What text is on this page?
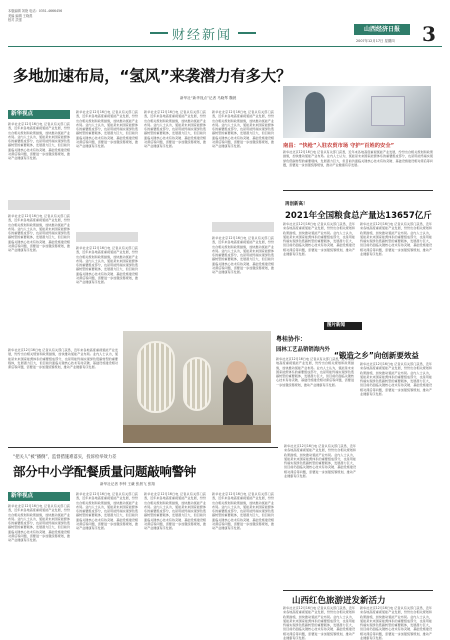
本版编辑 刘艳 电话：0351-4666456
美编 编辑 王晓燕
校对 武强
财经新闻	山西经济日报
2007年12月17日 星期四 3
多地加速布局，“氢风”来袭潜力有多大？
新华社“新华视点”记者 马晓琴 魏晨
新华视点
新华社北京12月16日电 记者从有关部门获悉，近年来各地高度重视氢能产业发展，纷纷出台相关规划和政策措施，加快推动氢能产业布局。业内人士认为，氢能是未来国家能源体系的重要组成部分，也是用能终端实现绿色低碳转型的重要载体，发展潜力巨大，但目前仍面临关键核心技术有待突破、基础设施建设相对滞后等问题，需要进一步加强统筹规划，推动产业健康有序发展。
新华社北京12月16日电 记者从有关部门获悉，近年来各地高度重视氢能产业发展，纷纷出台相关规划和政策措施，加快推动氢能产业布局。业内人士认为，氢能是未来国家能源体系的重要组成部分，也是用能终端实现绿色低碳转型的重要载体，发展潜力巨大，但目前仍面临关键核心技术有待突破、基础设施建设相对滞后等问题，需要进一步加强统筹规划，推动产业健康有序发展。
新华社北京12月16日电 记者从有关部门获悉，近年来各地高度重视氢能产业发展，纷纷出台相关规划和政策措施，加快推动氢能产业布局。业内人士认为，氢能是未来国家能源体系的重要组成部分，也是用能终端实现绿色低碳转型的重要载体，发展潜力巨大，但目前仍面临关键核心技术有待突破、基础设施建设相对滞后等问题，需要进一步加强统筹规划，推动产业健康有序发展。
新华社北京12月16日电 记者从有关部门获悉，近年来各地高度重视氢能产业发展，纷纷出台相关规划和政策措施，加快推动氢能产业布局。业内人士认为，氢能是未来国家能源体系的重要组成部分，也是用能终端实现绿色低碳转型的重要载体，发展潜力巨大，但目前仍面临关键核心技术有待突破、基础设施建设相对滞后等问题，需要进一步加强统筹规划，推动产业健康有序发展。
新华社北京12月16日电 记者从有关部门获悉，近年来各地高度重视氢能产业发展，纷纷出台相关规划和政策措施，加快推动氢能产业布局。业内人士认为，氢能是未来国家能源体系的重要组成部分，也是用能终端实现绿色低碳转型的重要载体，发展潜力巨大，但目前仍面临关键核心技术有待突破、基础设施建设相对滞后等问题，需要进一步加强统筹规划，推动产业健康有序发展。
新华社北京12月16日电 记者从有关部门获悉，近年来各地高度重视氢能产业发展，纷纷出台相关规划和政策措施，加快推动氢能产业布局。业内人士认为，氢能是未来国家能源体系的重要组成部分，也是用能终端实现绿色低碳转型的重要载体，发展潜力巨大，但目前仍面临关键核心技术有待突破、基础设施建设相对滞后等问题，需要进一步加强统筹规划，推动产业健康有序发展。
新华社北京12月16日电 记者从有关部门获悉，近年来各地高度重视氢能产业发展，纷纷出台相关规划和政策措施，加快推动氢能产业布局。业内人士认为，氢能是未来国家能源体系的重要组成部分，也是用能终端实现绿色低碳转型的重要载体，发展潜力巨大，但目前仍面临关键核心技术有待突破、基础设施建设相对滞后等问题，需要进一步加强统筹规划，推动产业健康有序发展。
南昌：“快枪”入驻农贸市场 守护“百姓的安全”
新华社北京12月16日电 记者从有关部门获悉，近年来各地高度重视氢能产业发展，纷纷出台相关规划和政策措施，加快推动氢能产业布局。业内人士认为，氢能是未来国家能源体系的重要组成部分，也是用能终端实现绿色低碳转型的重要载体，发展潜力巨大，但目前仍面临关键核心技术有待突破、基础设施建设相对滞后等问题，需要进一步加强统筹规划，推动产业健康有序发展。
再创新高！
2021年全国粮食总产量达13657亿斤
新华社北京12月16日电 记者从有关部门获悉，近年来各地高度重视氢能产业发展，纷纷出台相关规划和政策措施，加快推动氢能产业布局。业内人士认为，氢能是未来国家能源体系的重要组成部分，也是用能终端实现绿色低碳转型的重要载体，发展潜力巨大，但目前仍面临关键核心技术有待突破、基础设施建设相对滞后等问题，需要进一步加强统筹规划，推动产业健康有序发展。
新华社北京12月16日电 记者从有关部门获悉，近年来各地高度重视氢能产业发展，纷纷出台相关规划和政策措施，加快推动氢能产业布局。业内人士认为，氢能是未来国家能源体系的重要组成部分，也是用能终端实现绿色低碳转型的重要载体，发展潜力巨大，但目前仍面临关键核心技术有待突破、基础设施建设相对滞后等问题，需要进一步加强统筹规划，推动产业健康有序发展。
图片新闻
粤桂协作：
园林工艺品销销海内外
新华社北京12月16日电 记者从有关部门获悉，近年来各地高度重视氢能产业发展，纷纷出台相关规划和政策措施，加快推动氢能产业布局。业内人士认为，氢能是未来国家能源体系的重要组成部分，也是用能终端实现绿色低碳转型的重要载体，发展潜力巨大，但目前仍面临关键核心技术有待突破、基础设施建设相对滞后等问题，需要进一步加强统筹规划，推动产业健康有序发展。
“锻造之乡”向创新要效益
新华社北京12月16日电 记者从有关部门获悉，近年来各地高度重视氢能产业发展，纷纷出台相关规划和政策措施，加快推动氢能产业布局。业内人士认为，氢能是未来国家能源体系的重要组成部分，也是用能终端实现绿色低碳转型的重要载体，发展潜力巨大，但目前仍面临关键核心技术有待突破、基础设施建设相对滞后等问题，需要进一步加强统筹规划，推动产业健康有序发展。
新华社北京12月16日电 记者从有关部门获悉，近年来各地高度重视氢能产业发展，纷纷出台相关规划和政策措施，加快推动氢能产业布局。业内人士认为，氢能是未来国家能源体系的重要组成部分，也是用能终端实现绿色低碳转型的重要载体，发展潜力巨大，但目前仍面临关键核心技术有待突破、基础设施建设相对滞后等问题，需要进一步加强统筹规划，推动产业健康有序发展。
新华社北京12月16日电 记者从有关部门获悉，近年来各地高度重视氢能产业发展，纷纷出台相关规划和政策措施，加快推动氢能产业布局。业内人士认为，氢能是未来国家能源体系的重要组成部分，也是用能终端实现绿色低碳转型的重要载体，发展潜力巨大，但目前仍面临关键核心技术有待突破、基础设施建设相对滞后等问题，需要进一步加强统筹规划，推动产业健康有序发展。
“把关人”被“播倒”，监督措施难落实，投诉检举效力差
部分中小学配餐质量问题敲响警钟
新华社记者 李钟 王谦 张晨飞 张翔
新华视点
新华社北京12月16日电 记者从有关部门获悉，近年来各地高度重视氢能产业发展，纷纷出台相关规划和政策措施，加快推动氢能产业布局。业内人士认为，氢能是未来国家能源体系的重要组成部分，也是用能终端实现绿色低碳转型的重要载体，发展潜力巨大，但目前仍面临关键核心技术有待突破、基础设施建设相对滞后等问题，需要进一步加强统筹规划，推动产业健康有序发展。
新华社北京12月16日电 记者从有关部门获悉，近年来各地高度重视氢能产业发展，纷纷出台相关规划和政策措施，加快推动氢能产业布局。业内人士认为，氢能是未来国家能源体系的重要组成部分，也是用能终端实现绿色低碳转型的重要载体，发展潜力巨大，但目前仍面临关键核心技术有待突破、基础设施建设相对滞后等问题，需要进一步加强统筹规划，推动产业健康有序发展。
新华社北京12月16日电 记者从有关部门获悉，近年来各地高度重视氢能产业发展，纷纷出台相关规划和政策措施，加快推动氢能产业布局。业内人士认为，氢能是未来国家能源体系的重要组成部分，也是用能终端实现绿色低碳转型的重要载体，发展潜力巨大，但目前仍面临关键核心技术有待突破、基础设施建设相对滞后等问题，需要进一步加强统筹规划，推动产业健康有序发展。
新华社北京12月16日电 记者从有关部门获悉，近年来各地高度重视氢能产业发展，纷纷出台相关规划和政策措施，加快推动氢能产业布局。业内人士认为，氢能是未来国家能源体系的重要组成部分，也是用能终端实现绿色低碳转型的重要载体，发展潜力巨大，但目前仍面临关键核心技术有待突破、基础设施建设相对滞后等问题，需要进一步加强统筹规划，推动产业健康有序发展。
山西红色旅游迸发新活力
新华社北京12月16日电 记者从有关部门获悉，近年来各地高度重视氢能产业发展，纷纷出台相关规划和政策措施，加快推动氢能产业布局。业内人士认为，氢能是未来国家能源体系的重要组成部分，也是用能终端实现绿色低碳转型的重要载体，发展潜力巨大，但目前仍面临关键核心技术有待突破、基础设施建设相对滞后等问题，需要进一步加强统筹规划，推动产业健康有序发展。
新华社北京12月16日电 记者从有关部门获悉，近年来各地高度重视氢能产业发展，纷纷出台相关规划和政策措施，加快推动氢能产业布局。业内人士认为，氢能是未来国家能源体系的重要组成部分，也是用能终端实现绿色低碳转型的重要载体，发展潜力巨大，但目前仍面临关键核心技术有待突破、基础设施建设相对滞后等问题，需要进一步加强统筹规划，推动产业健康有序发展。
